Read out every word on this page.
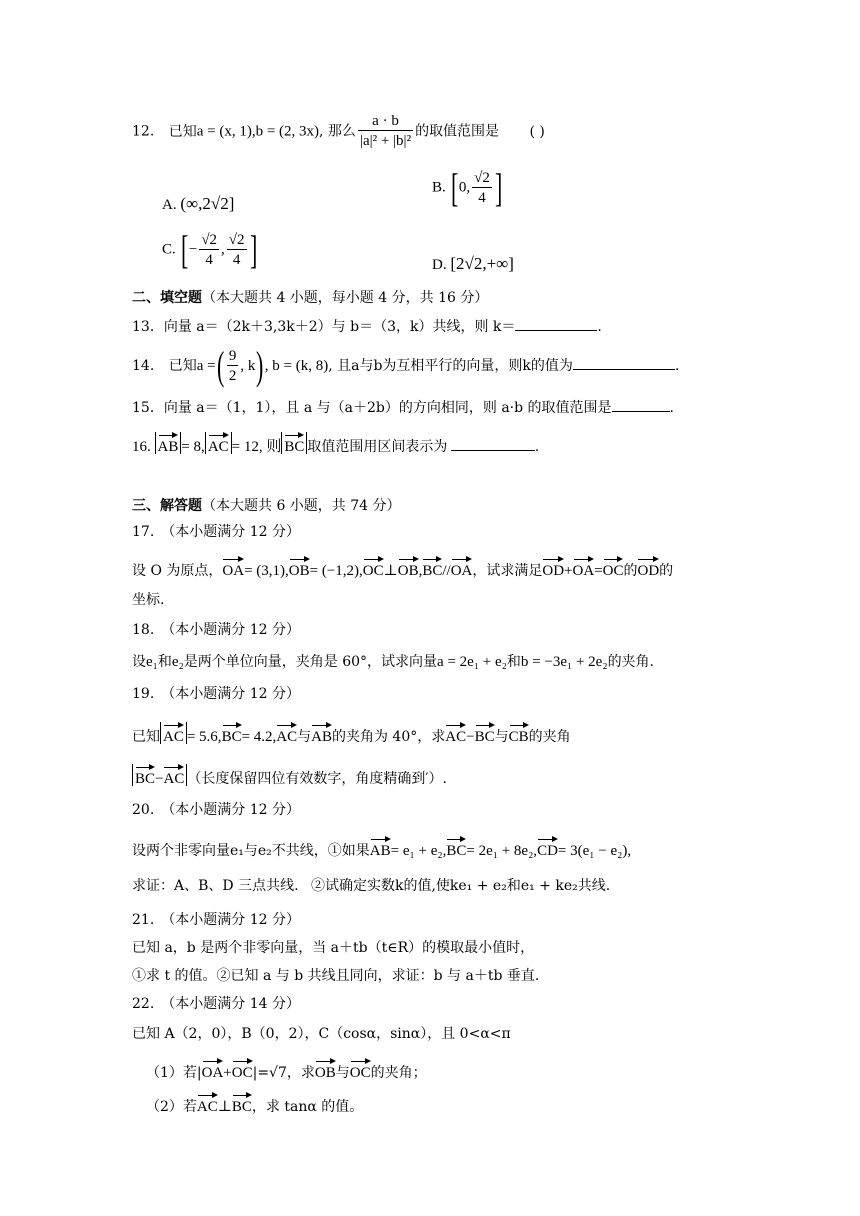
12. 已知a = (x, 1),b = (2, 3x), 那么 $\frac{a \cdot b}{\text{|a|² + |b|²}}$ 的取值范围是 ( )
A. (∞,2√2]
B. [0, $\frac{√2}{4}$ ]
C. [− $\frac{√2}{4}$ , $\frac{√2}{4}$ ]	D. [2√2,+∞]
二、填空题（本大题共 4 小题，每小题 4 分，共 16 分）
13．向量 a＝（2k＋3,3k＋2）与 b＝（3，k）共线，则 k＝	.
14. 已知a =( $\frac{9}{2}$ , k), b = (k, 8), 且a与b为互相平行的向量，则k的值为	.
15．向量 a＝（1，1），且 a 与（a＋2b）的方向相同，则 a·b 的取值范围是	.
16. AB = 8, AC = 12, 则 BC 取值范围用区间表示为	.
三、解答题（本大题共 6 小题，共 74 分）
17.　（本小题满分 12 分）
设 O 为原点，OA= (3,1),OB= (−1,2),OC⊥OB,BC//OA，试求满足OD+OA=OC的OD的
坐标.
18.　（本小题满分 12 分）
设e₁和e₂是两个单位向量，夹角是 60°，试求向量a = 2e₁ + e₂和b = −3e₁ + 2e₂的夹角.
19.　（本小题满分 12 分）
已知 AC = 5.6,BC= 4.2,AC与AB的夹角为 40°，求AC−BC与CB的夹角
BC−AC （长度保留四位有效数字，角度精确到′）.
20.　（本小题满分 12 分）
设两个非零向量e₁与e₂不共线，①如果AB= e₁ + e₂,BC= 2e₁ + 8e₂,CD= 3(e₁ − e₂),
求证：A、B、D 三点共线. ②试确定实数k的值,使ke₁ + e₂和e₁ + ke₂共线.
21.　（本小题满分 12 分）
已知 a，b 是两个非零向量，当 a＋tb（t∈R）的模取最小值时，
①求 t 的值。②已知 a 与 b 共线且同向，求证：b 与 a＋tb 垂直.
22.　（本小题满分 14 分）
已知 A（2，0），B（0，2），C（cosα，sinα），且 0<α<π
（1）若|OA+OC|=√7，求OB与OC的夹角；
（2）若AC⊥BC，求 tanα 的值。
